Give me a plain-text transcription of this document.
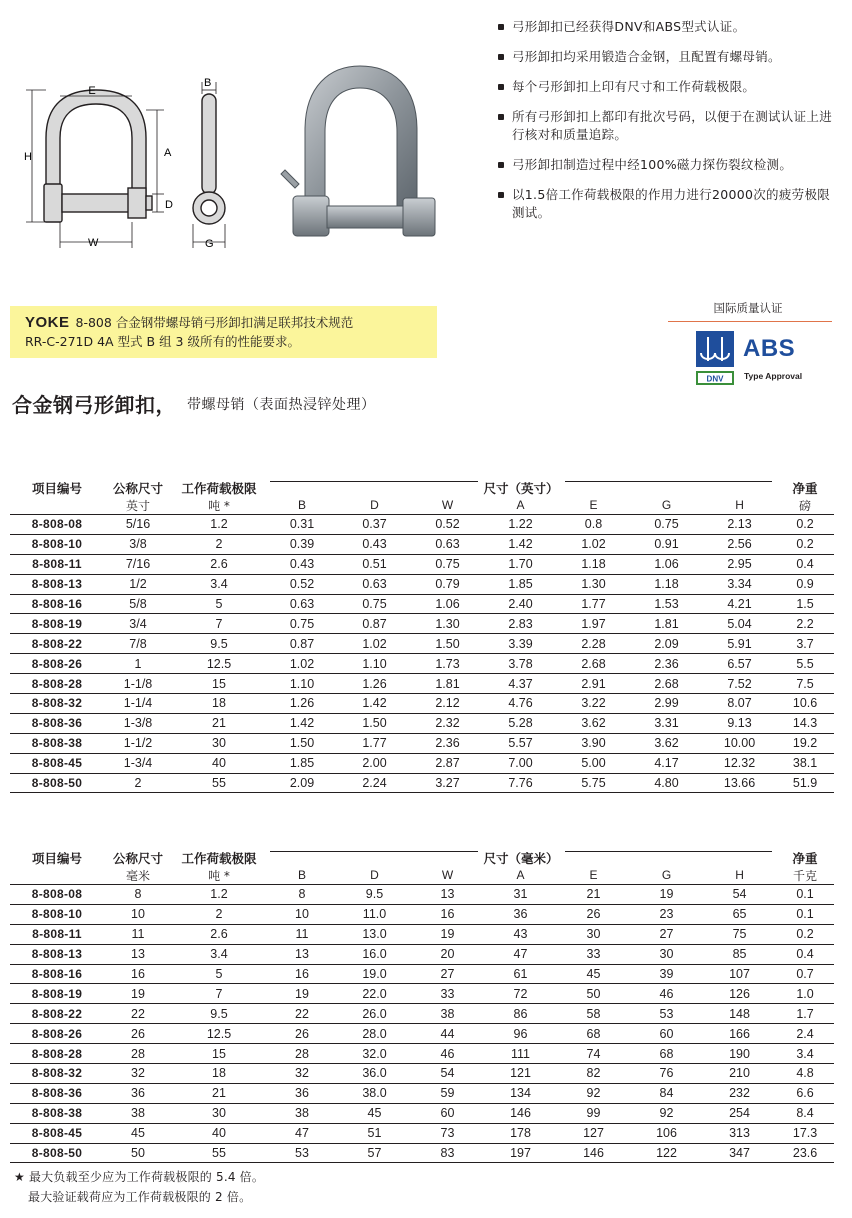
E
H	A
D
W
B
G
弓形卸扣已经获得DNV和ABS型式认证。
弓形卸扣均采用锻造合金钢，且配置有螺母销。
每个弓形卸扣上印有尺寸和工作荷载极限。
所有弓形卸扣上都印有批次号码，以便于在测试认证上进行核对和质量追踪。
弓形卸扣制造过程中经100%磁力探伤裂纹检测。
以1.5倍工作荷载极限的作用力进行20000次的疲劳极限测试。
YOKE 8-808 合金钢带螺母销弓形卸扣满足联邦技术规范
RR-C-271D 4A 型式 B 组 3 级所有的性能要求。
国际质量认证
DNV
ABS
Type Approval
合金钢弓形卸扣， 带螺母销（表面热浸锌处理）
项目编号	公称尺寸	工作荷载极限	尺寸（英寸）							净重
	英寸	吨 *	B	D	W	A	E	G	H	磅
8-808-08	5/16	1.2	0.31	0.37	0.52	1.22	0.8	0.75	2.13	0.2
8-808-10	3/8	2	0.39	0.43	0.63	1.42	1.02	0.91	2.56	0.2
8-808-11	7/16	2.6	0.43	0.51	0.75	1.70	1.18	1.06	2.95	0.4
8-808-13	1/2	3.4	0.52	0.63	0.79	1.85	1.30	1.18	3.34	0.9
8-808-16	5/8	5	0.63	0.75	1.06	2.40	1.77	1.53	4.21	1.5
8-808-19	3/4	7	0.75	0.87	1.30	2.83	1.97	1.81	5.04	2.2
8-808-22	7/8	9.5	0.87	1.02	1.50	3.39	2.28	2.09	5.91	3.7
8-808-26	1	12.5	1.02	1.10	1.73	3.78	2.68	2.36	6.57	5.5
8-808-28	1-1/8	15	1.10	1.26	1.81	4.37	2.91	2.68	7.52	7.5
8-808-32	1-1/4	18	1.26	1.42	2.12	4.76	3.22	2.99	8.07	10.6
8-808-36	1-3/8	21	1.42	1.50	2.32	5.28	3.62	3.31	9.13	14.3
8-808-38	1-1/2	30	1.50	1.77	2.36	5.57	3.90	3.62	10.00	19.2
8-808-45	1-3/4	40	1.85	2.00	2.87	7.00	5.00	4.17	12.32	38.1
8-808-50	2	55	2.09	2.24	3.27	7.76	5.75	4.80	13.66	51.9
项目编号	公称尺寸	工作荷载极限	尺寸（毫米）							净重
	毫米	吨 *	B	D	W	A	E	G	H	千克
8-808-08	8	1.2	8	9.5	13	31	21	19	54	0.1
8-808-10	10	2	10	11.0	16	36	26	23	65	0.1
8-808-11	11	2.6	11	13.0	19	43	30	27	75	0.2
8-808-13	13	3.4	13	16.0	20	47	33	30	85	0.4
8-808-16	16	5	16	19.0	27	61	45	39	107	0.7
8-808-19	19	7	19	22.0	33	72	50	46	126	1.0
8-808-22	22	9.5	22	26.0	38	86	58	53	148	1.7
8-808-26	26	12.5	26	28.0	44	96	68	60	166	2.4
8-808-28	28	15	28	32.0	46	111	74	68	190	3.4
8-808-32	32	18	32	36.0	54	121	82	76	210	4.8
8-808-36	36	21	36	38.0	59	134	92	84	232	6.6
8-808-38	38	30	38	45	60	146	99	92	254	8.4
8-808-45	45	40	47	51	73	178	127	106	313	17.3
8-808-50	50	55	53	57	83	197	146	122	347	23.6
★ 最大负载至少应为工作荷载极限的 5.4 倍。
最大验证载荷应为工作荷载极限的 2 倍。
